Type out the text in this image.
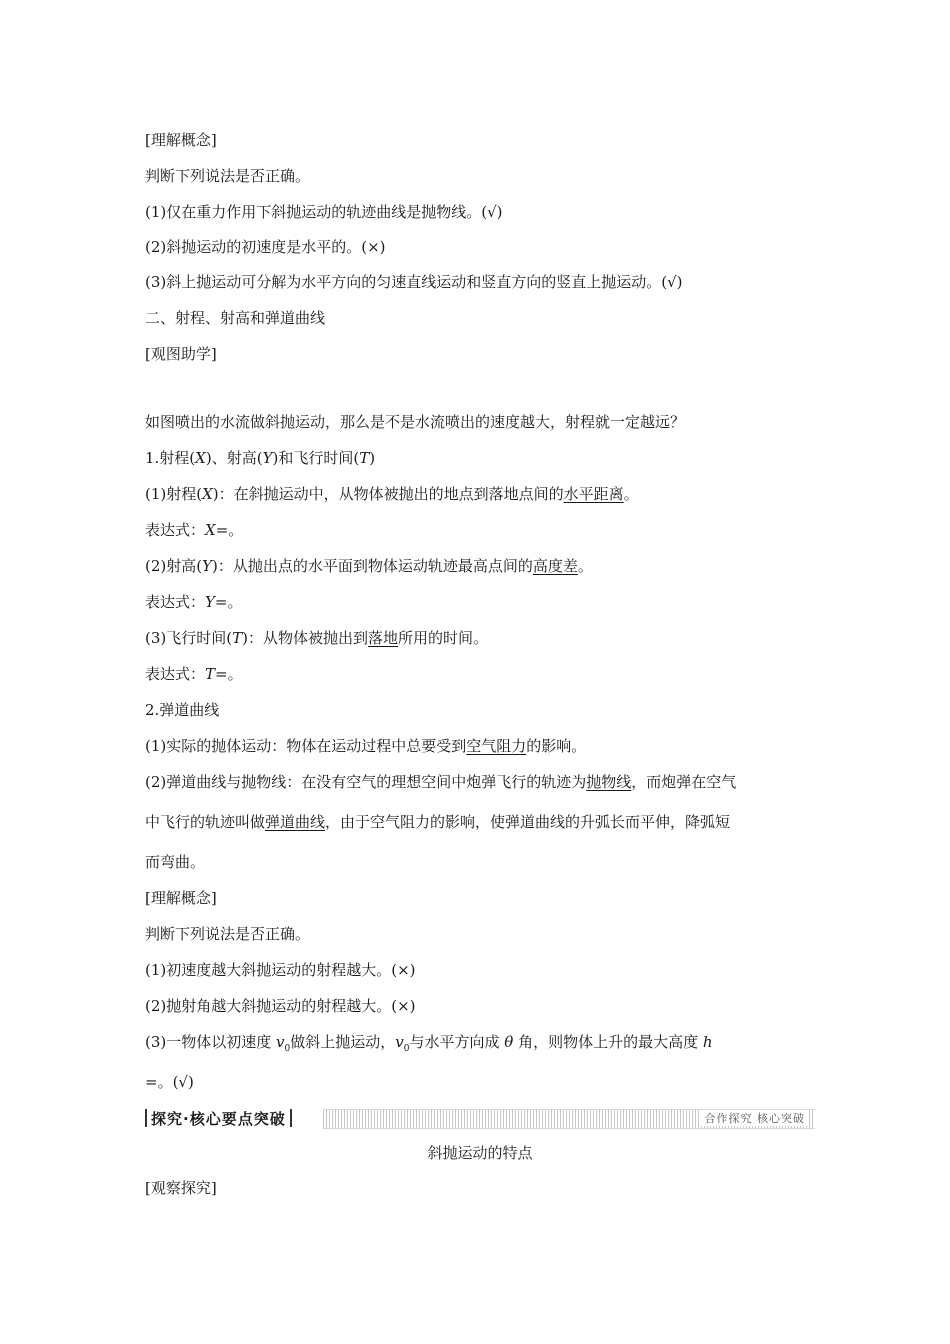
[理解概念]
判断下列说法是否正确。
(1)仅在重力作用下斜抛运动的轨迹曲线是抛物线。(√)
(2)斜抛运动的初速度是水平的。(×)
(3)斜上抛运动可分解为水平方向的匀速直线运动和竖直方向的竖直上抛运动。(√)
二、射程、射高和弹道曲线
[观图助学]
如图喷出的水流做斜抛运动，那么是不是水流喷出的速度越大，射程就一定越远？
1.射程(X)、射高(Y)和飞行时间(T)
(1)射程(X)：在斜抛运动中，从物体被抛出的地点到落地点间的水平距离。
表达式：X=。
(2)射高(Y)：从抛出点的水平面到物体运动轨迹最高点间的高度差。
表达式：Y=。
(3)飞行时间(T)：从物体被抛出到落地所用的时间。
表达式：T=。
2.弹道曲线
(1)实际的抛体运动：物体在运动过程中总要受到空气阻力的影响。
(2)弹道曲线与抛物线：在没有空气的理想空间中炮弹飞行的轨迹为抛物线，而炮弹在空气
中飞行的轨迹叫做弹道曲线，由于空气阻力的影响，使弹道曲线的升弧长而平伸，降弧短
而弯曲。
[理解概念]
判断下列说法是否正确。
(1)初速度越大斜抛运动的射程越大。(×)
(2)抛射角越大斜抛运动的射程越大。(×)
(3)一物体以初速度 $v_0$做斜上抛运动，$v_0$与水平方向成 θ 角，则物体上升的最大高度 h
=。(√)
探究·核心要点突破	合作探究 核心突破
斜抛运动的特点
[观察探究]
